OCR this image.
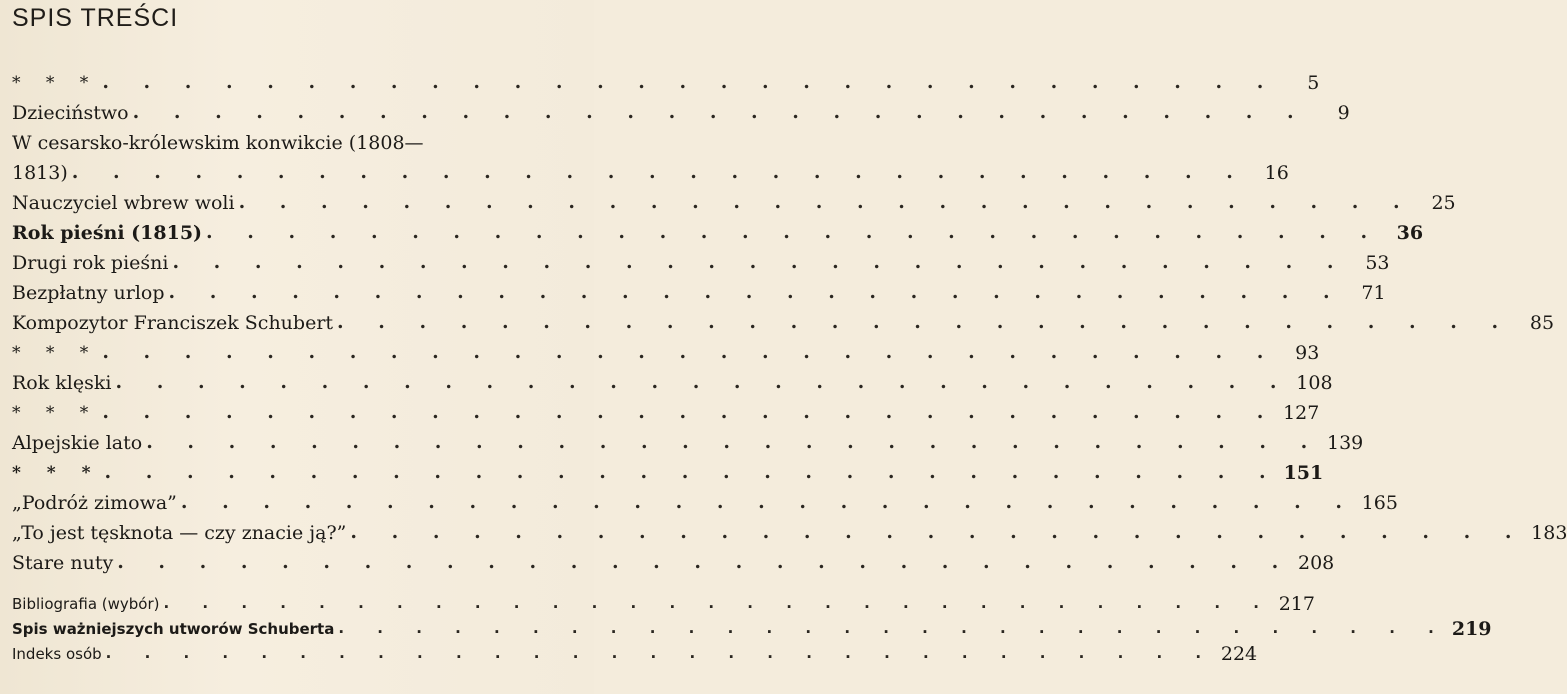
SPIS TREŚCI
* * * . . . . . . . . . . . . . . . . . . . . . . . . . . . . .	5
Dzieciństwo . . . . . . . . . . . . . . . . . . . . . . . . . . . . .	9
W cesarsko-królewskim konwikcie (1808—
1813) . . . . . . . . . . . . . . . . . . . . . . . . . . . . . 16
Nauczyciel wbrew woli . . . . . . . . . . . . . . . . . . . . . . . . . . . . . 25
Rok pieśni (1815) . . . . . . . . . . . . . . . . . . . . . . . . . . . . . 36
Drugi rok pieśni . . . . . . . . . . . . . . . . . . . . . . . . . . . . . 53
Bezpłatny urlop . . . . . . . . . . . . . . . . . . . . . . . . . . . . . 71
Kompozytor Franciszek Schubert . . . . . . . . . . . . . . . . . . . . . . . . . . . . . 85
* * * . . . . . . . . . . . . . . . . . . . . . . . . . . . . . 93
Rok klęski . . . . . . . . . . . . . . . . . . . . . . . . . . . . . 108
* * * . . . . . . . . . . . . . . . . . . . . . . . . . . . . . 127
Alpejskie lato . . . . . . . . . . . . . . . . . . . . . . . . . . . . . 139
* * * . . . . . . . . . . . . . . . . . . . . . . . . . . . . . 151
„Podróż zimowa” . . . . . . . . . . . . . . . . . . . . . . . . . . . . . 165
„To jest tęsknota — czy znacie ją?” . . . . . . . . . . . . . . . . . . . . . . . . . . . . . 183
Stare nuty . . . . . . . . . . . . . . . . . . . . . . . . . . . . . 208
Bibliografia (wybór) . . . . . . . . . . . . . . . . . . . . . . . . . . . . . 217
Spis ważniejszych utworów Schuberta . . . . . . . . . . . . . . . . . . . . . . . . . . . . . 219
Indeks osób . . . . . . . . . . . . . . . . . . . . . . . . . . . . . 224
